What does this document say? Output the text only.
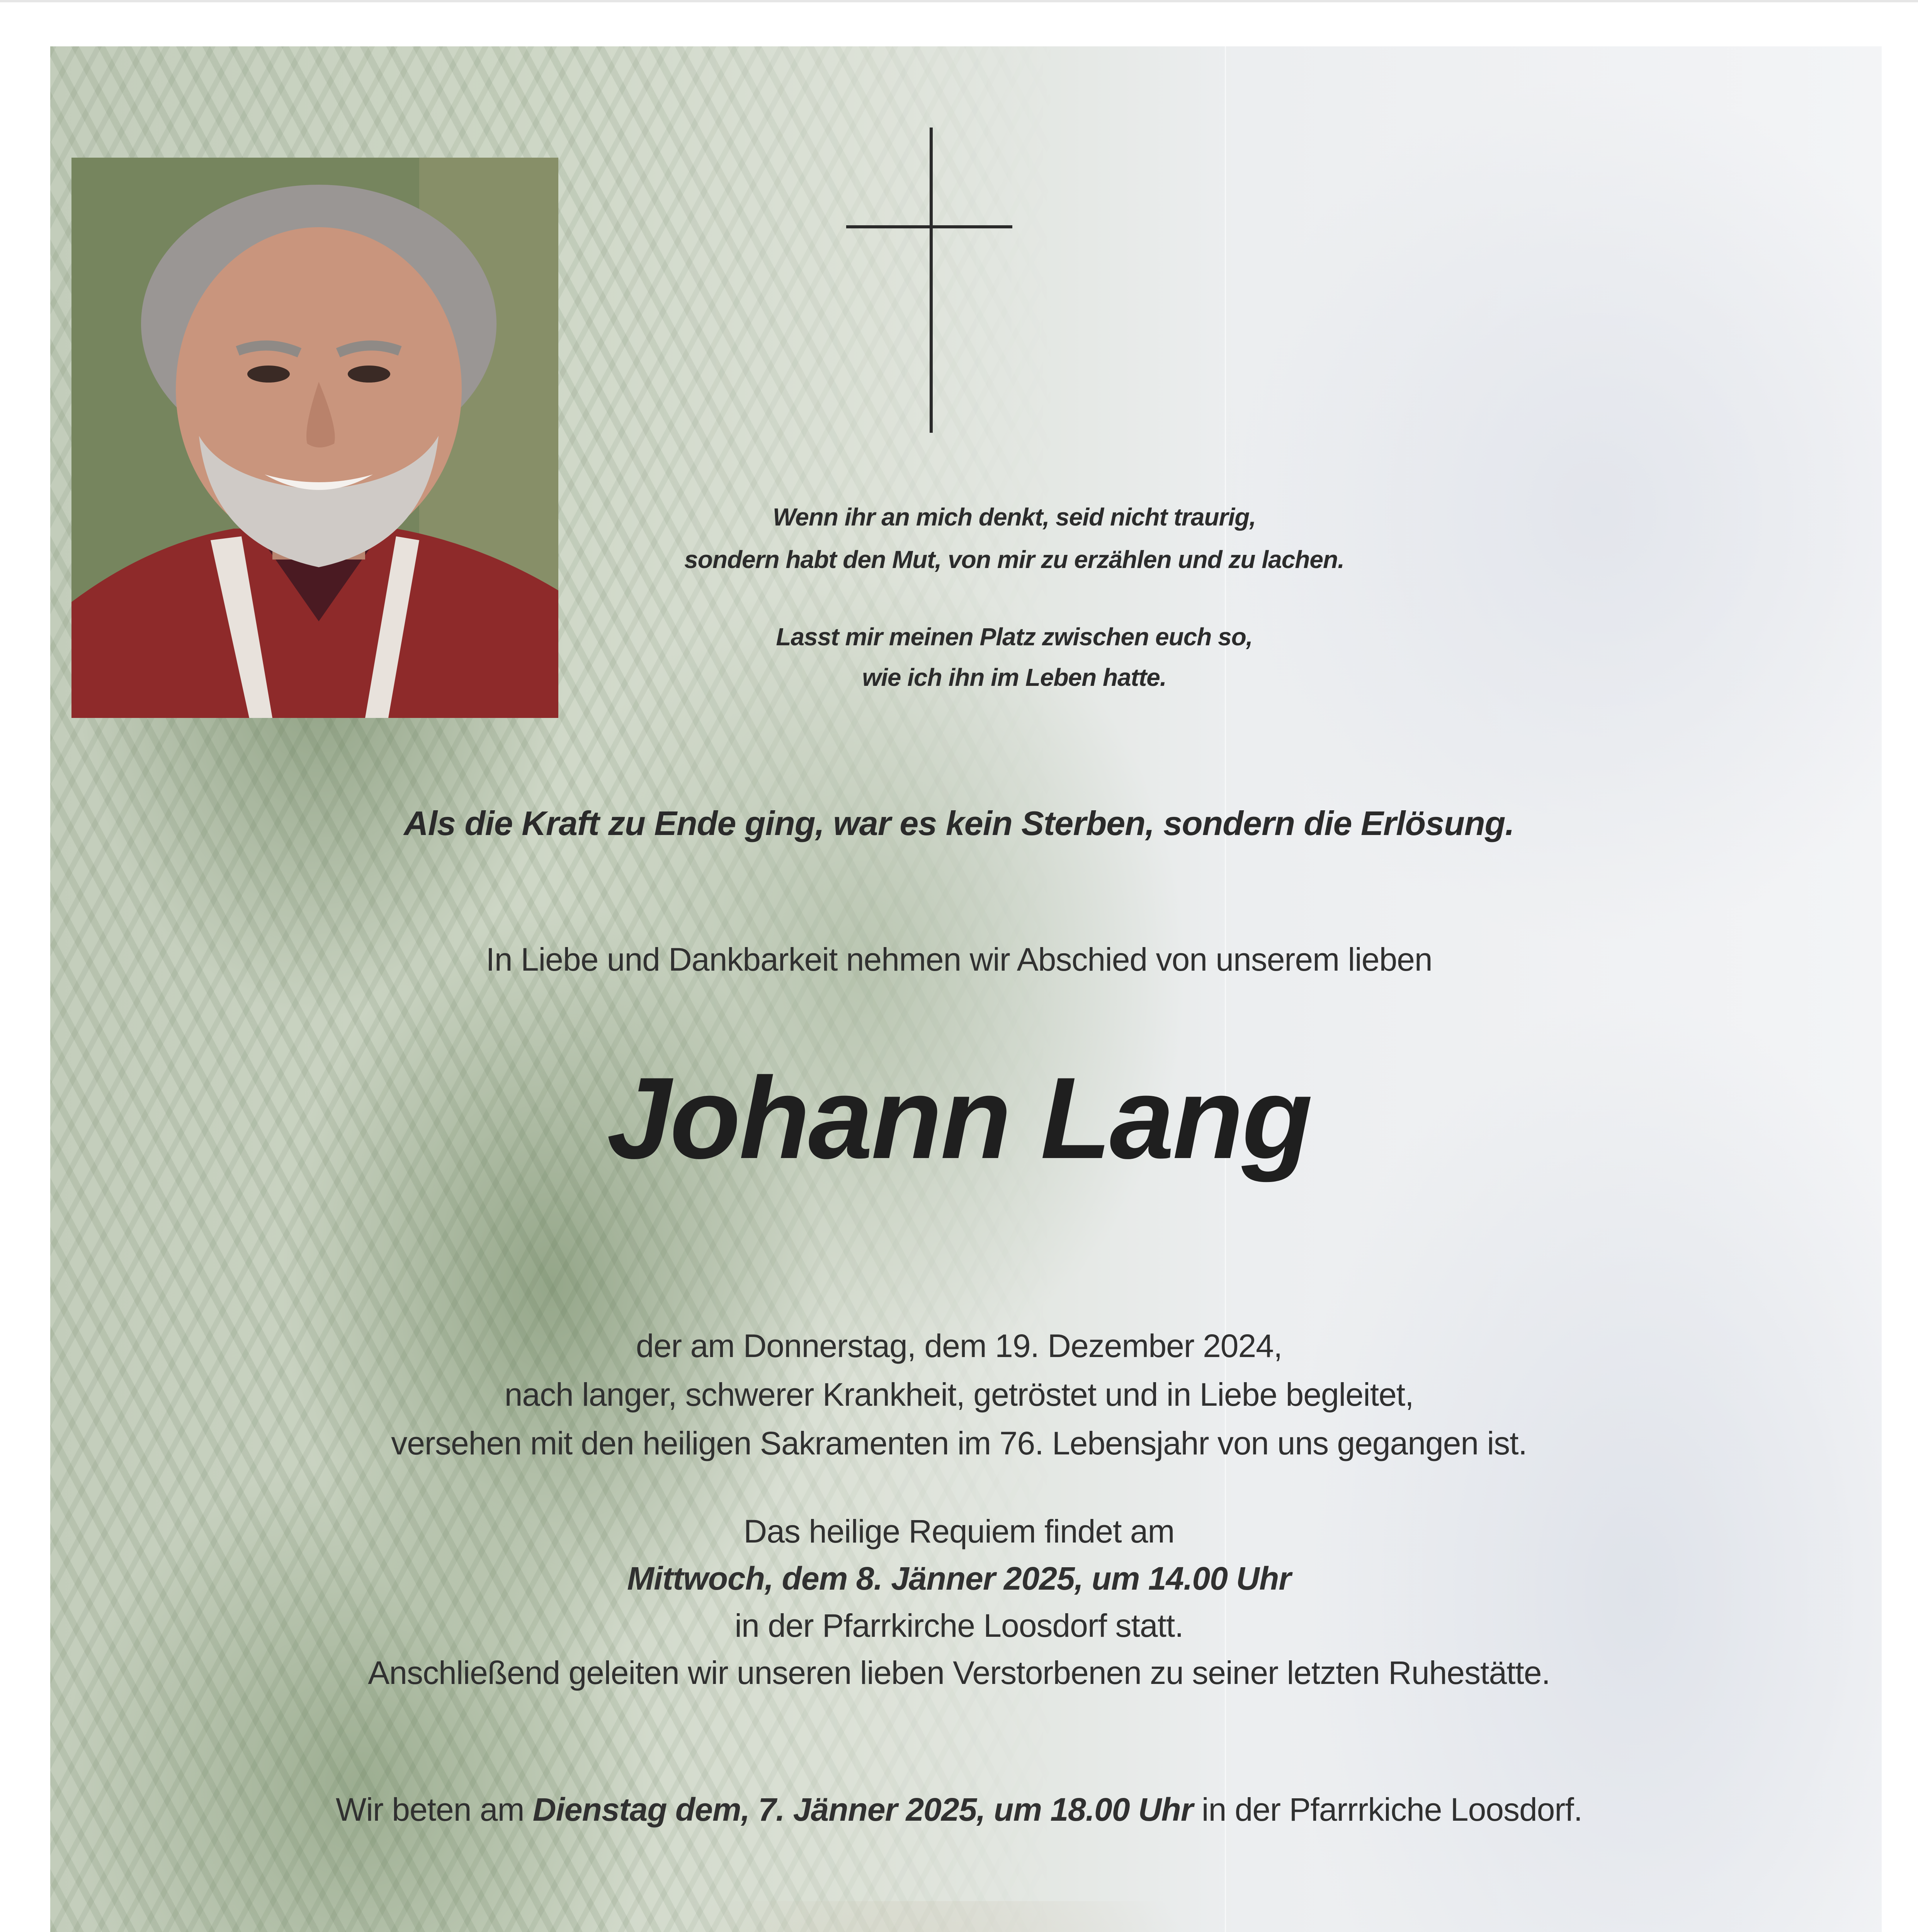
Wenn ihr an mich denkt, seid nicht traurig,

sondern habt den Mut, von mir zu erzählen und zu lachen.

Lasst mir meinen Platz zwischen euch so,

wie ich ihn im Leben hatte.

Als die Kraft zu Ende ging, war es kein Sterben, sondern die Erlösung.

In Liebe und Dankbarkeit nehmen wir Abschied von unserem lieben

Johann Lang

der am Donnerstag, dem 19. Dezember 2024,

nach langer, schwerer Krankheit, getröstet und in Liebe begleitet,

versehen mit den heiligen Sakramenten im 76. Lebensjahr von uns gegangen ist.

Das heilige Requiem findet am

Mittwoch, dem 8. Jänner 2025, um 14.00 Uhr

in der Pfarrkirche Loosdorf statt.

Anschließend geleiten wir unseren lieben Verstorbenen zu seiner letzten Ruhestätte.

Wir beten am Dienstag dem, 7. Jänner 2025, um 18.00 Uhr in der Pfarrrkiche Loosdorf.
